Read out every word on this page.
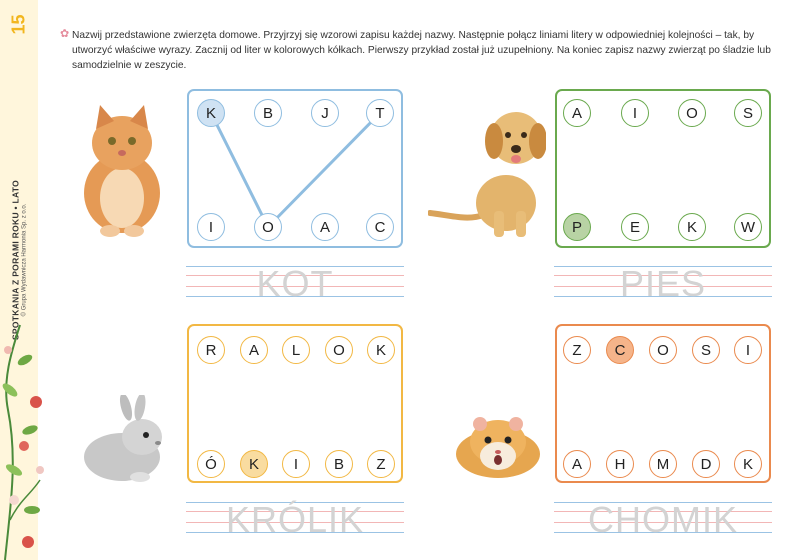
15
SPOTKANIA Z PORAMI ROKU • LATO © Grupa Wydawnicza Harmonia Sp. z o.o.
✿ Nazwij przedstawione zwierzęta domowe. Przyjrzyj się wzorowi zapisu każdej nazwy. Następnie połącz liniami litery w odpowiedniej kolejności – tak, by utworzyć właściwe wyrazy. Zacznij od liter w kolorowych kółkach. Pierwszy przykład został już uzupełniony. Na koniec zapisz nazwy zwierząt po śladzie lub samodzielnie w zeszycie.
K	B	J	T
I	O	A	C
KOT
A	I	O	S
P	E	K	W
PIES
R	A	L	O	K
Ó	K	I	B	Z
KRÓLIK
Z	C	O	S	I
A	H	M	D	K
CHOMIK
